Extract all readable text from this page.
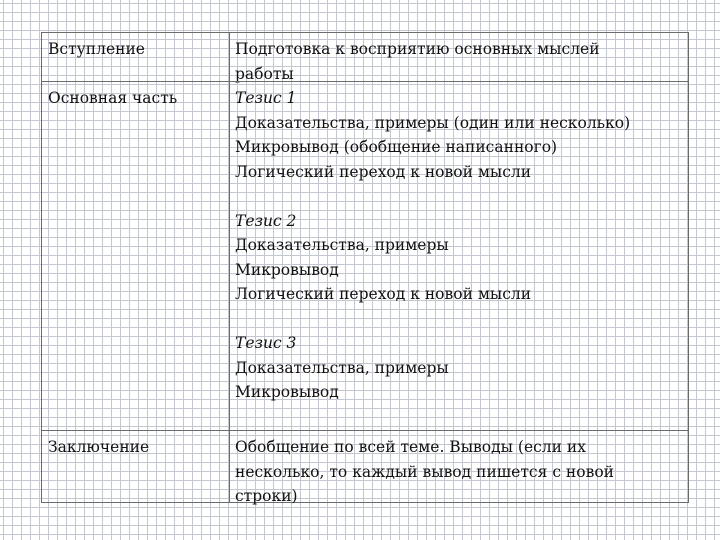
Вступление	Подготовка к восприятию основных мыслей
работы
Основная часть	Тезис 1
Доказательства, примеры (один или несколько)
Микровывод (обобщение написанного)
Логический переход к новой мысли
Тезис 2
Доказательства, примеры
Микровывод
Логический переход к новой мысли
Тезис 3
Доказательства, примеры
Микровывод
Заключение	Обобщение по всей теме. Выводы (если их
несколько, то каждый вывод пишется с новой
строки)
